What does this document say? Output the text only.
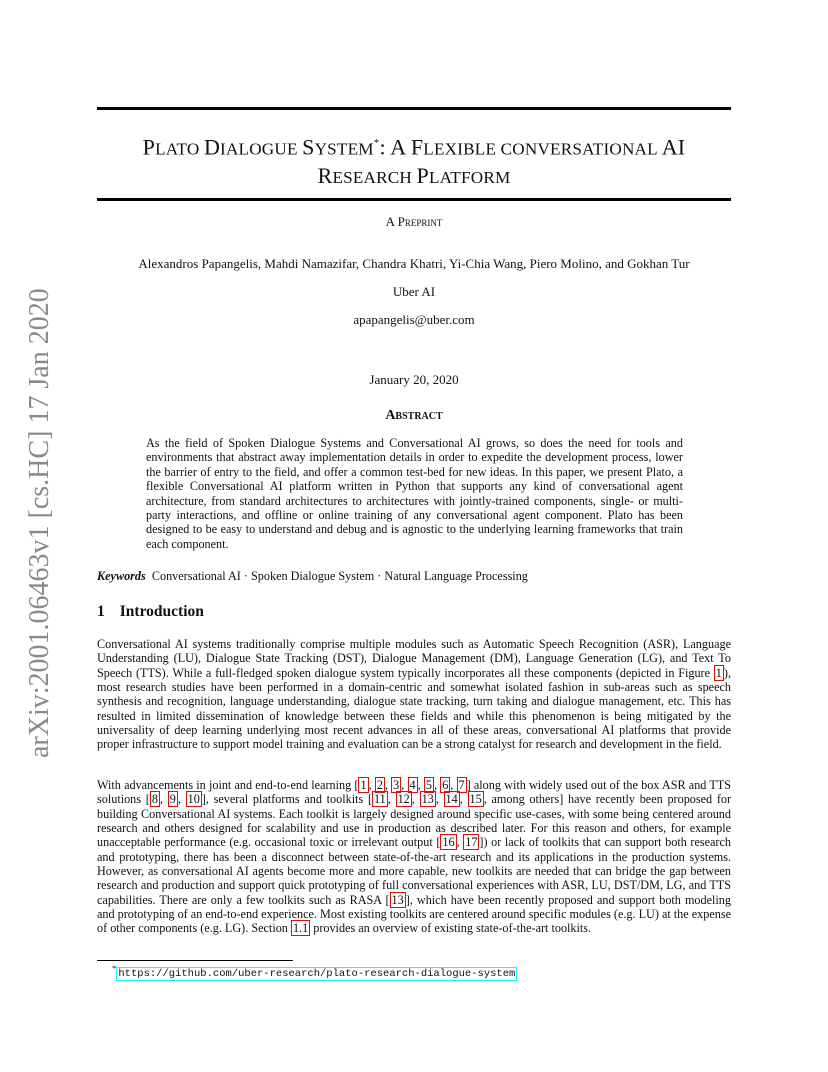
arXiv:2001.06463v1 [cs.HC] 17 Jan 2020
PLATO DIALOGUE SYSTEM*: A FLEXIBLE CONVERSATIONAL AI
RESEARCH PLATFORM
A Preprint
Alexandros Papangelis, Mahdi Namazifar, Chandra Khatri, Yi-Chia Wang, Piero Molino, and Gokhan Tur
Uber AI
apapangelis@uber.com
January 20, 2020
Abstract
As the field of Spoken Dialogue Systems and Conversational AI grows, so does the need for tools and environments that abstract away implementation details in order to expedite the development process, lower the barrier of entry to the field, and offer a common test-bed for new ideas. In this paper, we present Plato, a flexible Conversational AI platform written in Python that supports any kind of conversational agent architecture, from standard architectures to architectures with jointly-trained components, single- or multi-party interactions, and offline or online training of any conversational agent component. Plato has been designed to be easy to understand and debug and is agnostic to the underlying learning frameworks that train each component.
Keywords Conversational AI · Spoken Dialogue System · Natural Language Processing
1 Introduction
Conversational AI systems traditionally comprise multiple modules such as Automatic Speech Recognition (ASR), Language Understanding (LU), Dialogue State Tracking (DST), Dialogue Management (DM), Language Generation (LG), and Text To Speech (TTS). While a full-fledged spoken dialogue system typically incorporates all these components (depicted in Figure 1 ), most research studies have been performed in a domain-centric and somewhat isolated fashion in sub-areas such as speech synthesis and recognition, language understanding, dialogue state tracking, turn taking and dialogue management, etc. This has resulted in limited dissemination of knowledge between these fields and while this phenomenon is being mitigated by the universality of deep learning underlying most recent advances in all of these areas, conversational AI platforms that provide proper infrastructure to support model training and evaluation can be a strong catalyst for research and development in the field.
With advancements in joint and end-to-end learning [ 1 , 2 , 3 , 4 , 5 , 6 , 7 ] along with widely used out of the box ASR and TTS solutions [ 8 , 9 , 10 ], several platforms and toolkits [ 11 , 12 , 13 , 14 , 15 , among others] have recently been proposed for building Conversational AI systems. Each toolkit is largely designed around specific use-cases, with some being centered around research and others designed for scalability and use in production as described later. For this reason and others, for example unacceptable performance (e.g. occasional toxic or irrelevant output [ 16 , 17 ]) or lack of toolkits that can support both research and prototyping, there has been a disconnect between state-of-the-art research and its applications in the production systems. However, as conversational AI agents become more and more capable, new toolkits are needed that can bridge the gap between research and production and support quick prototyping of full conversational experiences with ASR, LU, DST/DM, LG, and TTS capabilities. There are only a few toolkits such as RASA [ 13 ], which have been recently proposed and support both modeling and prototyping of an end-to-end experience. Most existing toolkits are centered around specific modules (e.g. LU) at the expense of other components (e.g. LG). Section 1.1 provides an overview of existing state-of-the-art toolkits.
* https://github.com/uber-research/plato-research-dialogue-system
